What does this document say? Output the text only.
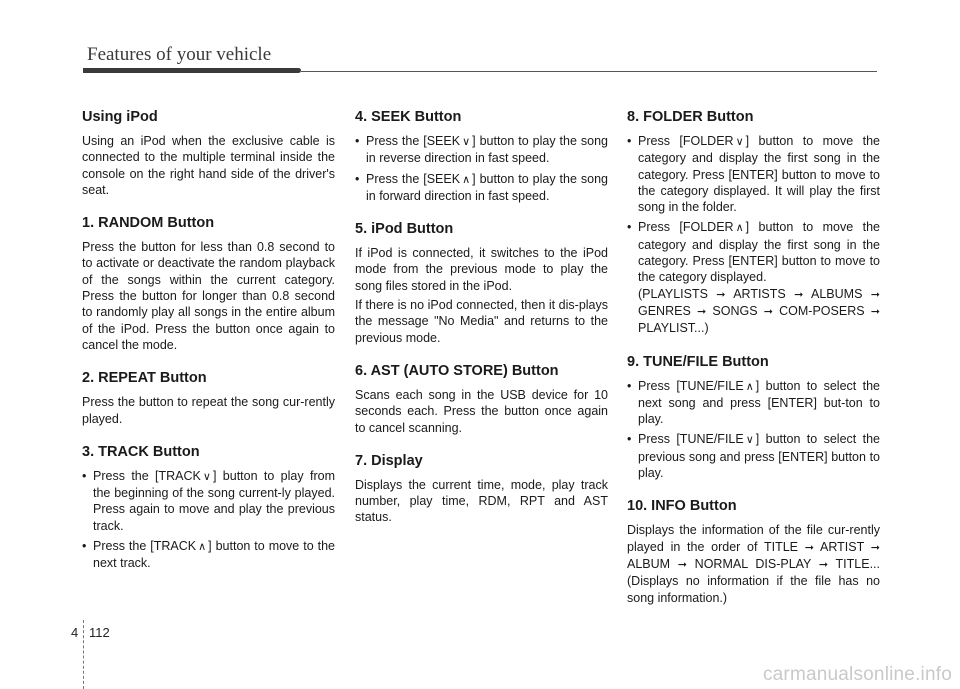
Features of your vehicle
Using iPod

Using an iPod when the exclusive cable is connected to the multiple terminal inside the console on the right hand side of the driver's seat.

1. RANDOM Button

Press the button for less than 0.8 second to to activate or deactivate the random playback of the songs within the current category. Press the button for longer than 0.8 second to randomly play all songs in the entire album of the iPod. Press the button once again to cancel the mode.

2. REPEAT Button

Press the button to repeat the song cur-rently played.

3. TRACK Button
• Press the [TRACK ∨ ] button to play from the beginning of the song current-ly played. Press again to move and play the previous track.
• Press the [TRACK ∧ ] button to move to the next track.
4. SEEK Button
• Press the [SEEK ∨ ] button to play the song in reverse direction in fast speed.
• Press the [SEEK ∧ ] button to play the song in forward direction in fast speed.
5. iPod Button

If iPod is connected, it switches to the iPod mode from the previous mode to play the song files stored in the iPod.

If there is no iPod connected, then it dis-plays the message "No Media" and returns to the previous mode.

6. AST (AUTO STORE) Button

Scans each song in the USB device for 10 seconds each. Press the button once again to cancel scanning.

7. Display

Displays the current time, mode, play track number, play time, RDM, RPT and AST status.

8. FOLDER Button
• Press [FOLDER ∨ ] button to move the category and display the first song in the category. Press [ENTER] button to move to the category displayed. It will play the first song in the folder.
• Press [FOLDER ∧ ] button to move the category and display the first song in the category. Press [ENTER] button to move to the category displayed.
(PLAYLISTS ➞ ARTISTS ➞ ALBUMS ➞ GENRES ➞ SONGS ➞ COM-POSERS ➞ PLAYLIST...)
9. TUNE/FILE Button
• Press [TUNE/FILE ∧ ] button to select the next song and press [ENTER] but-ton to play.
• Press [TUNE/FILE ∨ ] button to select the previous song and press [ENTER] button to play.
10. INFO Button

Displays the information of the file cur-rently played in the order of TITLE ➞ ARTIST ➞ ALBUM ➞ NORMAL DIS-PLAY ➞ TITLE... (Displays no information if the file has no song information.)

4 112
carmanualsonline.info
